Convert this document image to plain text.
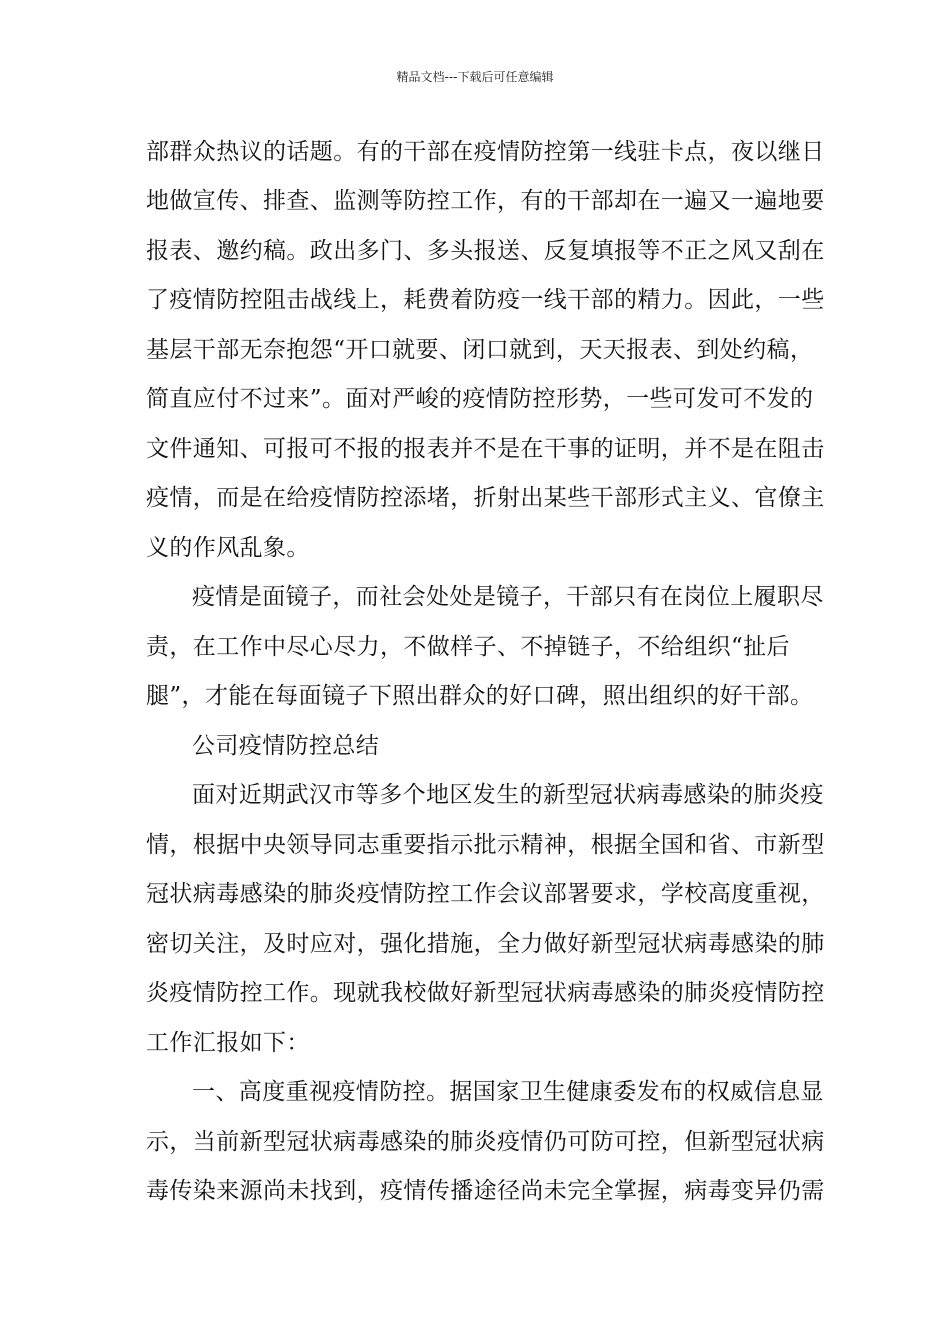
精品文档---下载后可任意编辑
部群众热议的话题。有的干部在疫情防控第一线驻卡点，夜以继日
地做宣传、排查、监测等防控工作，有的干部却在一遍又一遍地要
报表、邀约稿。政出多门、多头报送、反复填报等不正之风又刮在
了疫情防控阻击战线上，耗费着防疫一线干部的精力。因此，一些
基层干部无奈抱怨“开口就要、闭口就到，天天报表、到处约稿，
简直应付不过来”。面对严峻的疫情防控形势，一些可发可不发的
文件通知、可报可不报的报表并不是在干事的证明，并不是在阻击
疫情，而是在给疫情防控添堵，折射出某些干部形式主义、官僚主
义的作风乱象。
疫情是面镜子，而社会处处是镜子，干部只有在岗位上履职尽
责，在工作中尽心尽力，不做样子、不掉链子，不给组织“扯后
腿”，才能在每面镜子下照出群众的好口碑，照出组织的好干部。
公司疫情防控总结
面对近期武汉市等多个地区发生的新型冠状病毒感染的肺炎疫
情，根据中央领导同志重要指示批示精神，根据全国和省、市新型
冠状病毒感染的肺炎疫情防控工作会议部署要求，学校高度重视，
密切关注，及时应对，强化措施，全力做好新型冠状病毒感染的肺
炎疫情防控工作。现就我校做好新型冠状病毒感染的肺炎疫情防控
工作汇报如下：
一、高度重视疫情防控。据国家卫生健康委发布的权威信息显
示，当前新型冠状病毒感染的肺炎疫情仍可防可控，但新型冠状病
毒传染来源尚未找到，疫情传播途径尚未完全掌握，病毒变异仍需
